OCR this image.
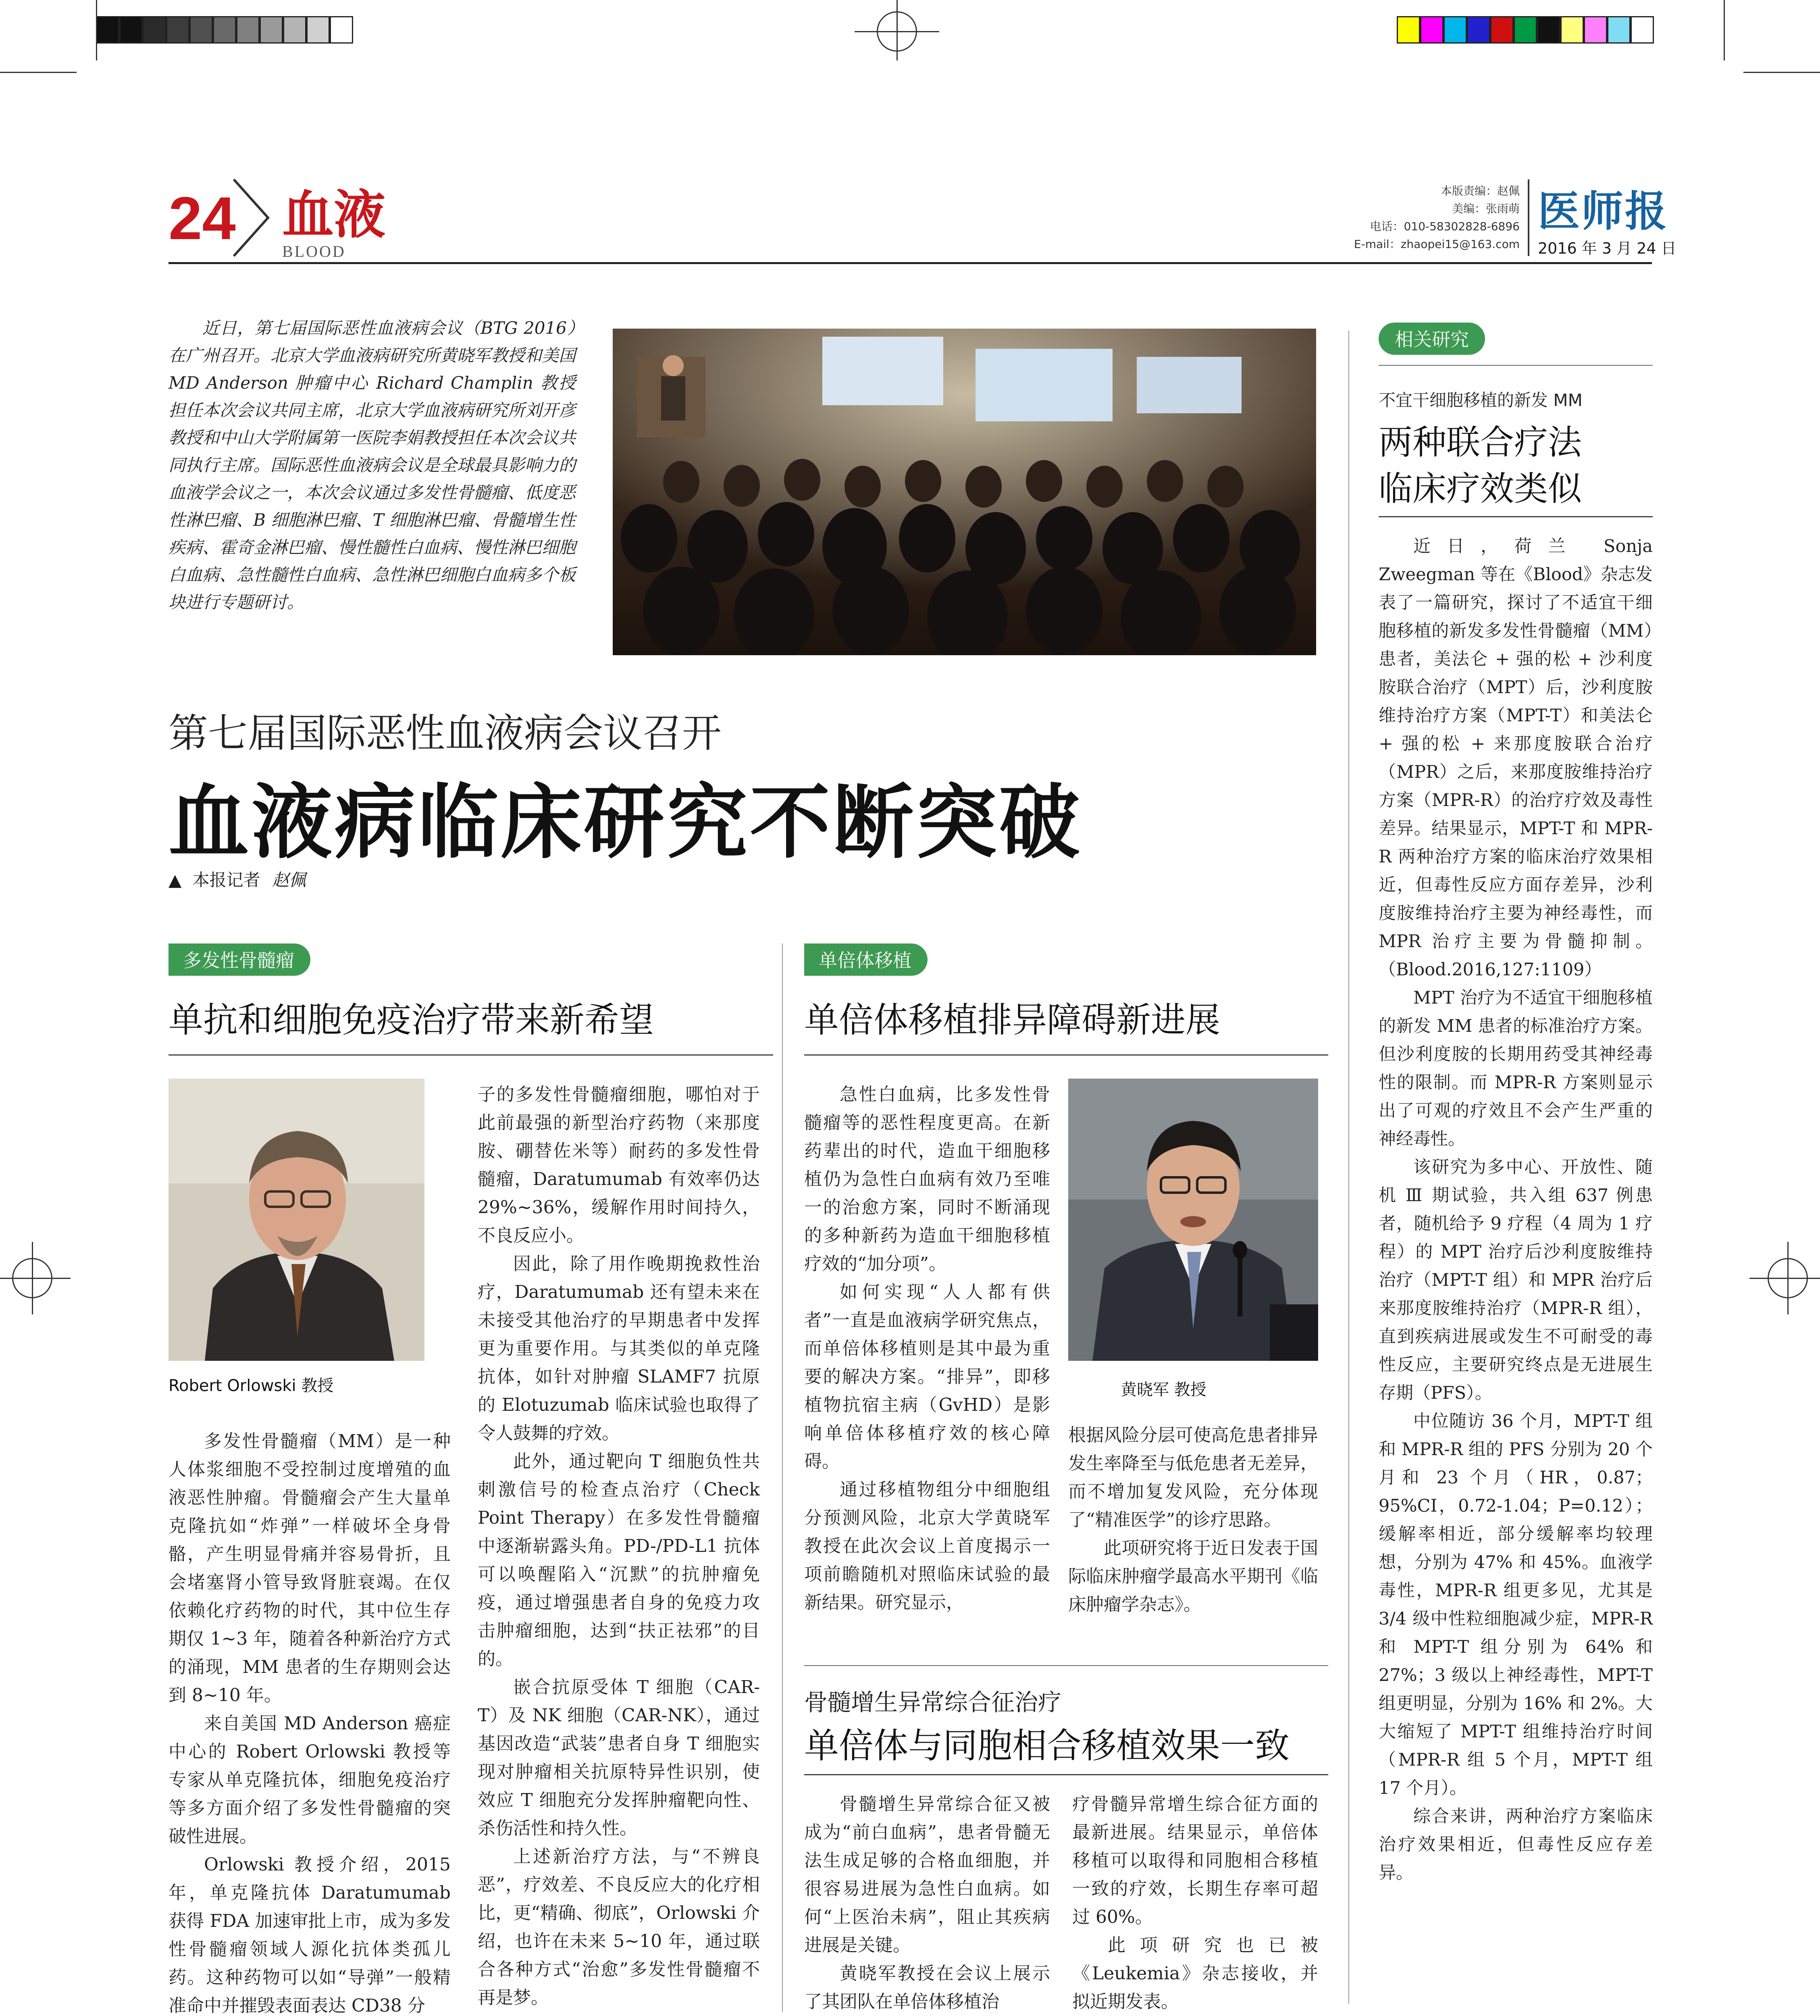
24 血液
BLOOD
本版责编：赵佩
美编：张雨萌
电话：010-58302828-6896
E-mail：zhaopei15@163.com
医师报
2016 年 3 月 24 日
近日，第七届国际恶性血液病会议（BTG 2016）在广州召开。北京大学血液病研究所黄晓军教授和美国 MD Anderson 肿瘤中心 Richard Champlin 教授担任本次会议共同主席，北京大学血液病研究所刘开彦教授和中山大学附属第一医院李娟教授担任本次会议共同执行主席。国际恶性血液病会议是全球最具影响力的血液学会议之一，本次会议通过多发性骨髓瘤、低度恶性淋巴瘤、B 细胞淋巴瘤、T 细胞淋巴瘤、骨髓增生性疾病、霍奇金淋巴瘤、慢性髓性白血病、慢性淋巴细胞白血病、急性髓性白血病、急性淋巴细胞白血病多个板块进行专题研讨。
第七届国际恶性血液病会议召开
血液病临床研究不断突破
▲ 本报记者 赵佩
多发性骨髓瘤
单抗和细胞免疫治疗带来新希望
Robert Orlowski 教授

多发性骨髓瘤（MM）是一种人体浆细胞不受控制过度增殖的血液恶性肿瘤。骨髓瘤会产生大量单克隆抗如“炸弹”一样破坏全身骨骼，产生明显骨痛并容易骨折，且会堵塞肾小管导致肾脏衰竭。在仅依赖化疗药物的时代，其中位生存期仅 1~3 年，随着各种新治疗方式的涌现，MM 患者的生存期则会达到 8~10 年。

来自美国 MD Anderson 癌症中心的 Robert Orlowski 教授等专家从单克隆抗体，细胞免疫治疗等多方面介绍了多发性骨髓瘤的突破性进展。

Orlowski 教授介绍，2015 年，单克隆抗体 Daratumumab 获得 FDA 加速审批上市，成为多发性骨髓瘤领域人源化抗体类孤儿药。这种药物可以如“导弹”一般精准命中并摧毁表面表达 CD38 分

子的多发性骨髓瘤细胞，哪怕对于此前最强的新型治疗药物（来那度胺、硼替佐米等）耐药的多发性骨髓瘤，Daratumumab 有效率仍达 29%~36%，缓解作用时间持久，不良反应小。

因此，除了用作晚期挽救性治疗，Daratumumab 还有望未来在未接受其他治疗的早期患者中发挥更为重要作用。与其类似的单克隆抗体，如针对肿瘤 SLAMF7 抗原的 Elotuzumab 临床试验也取得了令人鼓舞的疗效。

此外，通过靶向 T 细胞负性共刺激信号的检查点治疗（Check Point Therapy）在多发性骨髓瘤中逐渐崭露头角。PD-/PD-L1 抗体可以唤醒陷入“沉默”的抗肿瘤免疫，通过增强患者自身的免疫力攻击肿瘤细胞，达到“扶正祛邪”的目的。

嵌合抗原受体 T 细胞（CAR-T）及 NK 细胞（CAR-NK），通过基因改造“武装”患者自身 T 细胞实现对肿瘤相关抗原特异性识别，使效应 T 细胞充分发挥肿瘤靶向性、杀伤活性和持久性。

上述新治疗方法，与“不辨良恶”，疗效差、不良反应大的化疗相比，更“精确、彻底”，Orlowski 介绍，也许在未来 5~10 年，通过联合各种方式“治愈”多发性骨髓瘤不再是梦。

单倍体移植
单倍体移植排异障碍新进展

急性白血病，比多发性骨髓瘤等的恶性程度更高。在新药辈出的时代，造血干细胞移植仍为急性白血病有效乃至唯一的治愈方案，同时不断涌现的多种新药为造血干细胞移植疗效的“加分项”。

如何实现“人人都有供者”一直是血液病学研究焦点，而单倍体移植则是其中最为重要的解决方案。“排异”，即移植物抗宿主病（GvHD）是影响单倍体移植疗效的核心障碍。

通过移植物组分中细胞组分预测风险，北京大学黄晓军教授在此次会议上首度揭示一项前瞻随机对照临床试验的最新结果。研究显示，

黄晓军 教授

根据风险分层可使高危患者排异发生率降至与低危患者无差异，而不增加复发风险，充分体现了“精准医学”的诊疗思路。

此项研究将于近日发表于国际临床肿瘤学最高水平期刊《临床肿瘤学杂志》。

骨髓增生异常综合征治疗
单倍体与同胞相合移植效果一致

骨髓增生异常综合征又被成为“前白血病”，患者骨髓无法生成足够的合格血细胞，并很容易进展为急性白血病。如何“上医治未病”，阻止其疾病进展是关键。

黄晓军教授在会议上展示了其团队在单倍体移植治

疗骨髓异常增生综合征方面的最新进展。结果显示，单倍体移植可以取得和同胞相合移植一致的疗效，长期生存率可超过 60%。

此项研究也已被《Leukemia》杂志接收，并拟近期发表。

相关研究
不宜干细胞移植的新发 MM
两种联合疗法
临床疗效类似

近日，荷兰 Sonja Zweegman 等在《Blood》杂志发表了一篇研究，探讨了不适宜干细胞移植的新发多发性骨髓瘤（MM）患者，美法仑 + 强的松 + 沙利度胺联合治疗（MPT）后，沙利度胺维持治疗方案（MPT-T）和美法仑 + 强的松 + 来那度胺联合治疗（MPR）之后，来那度胺维持治疗方案（MPR-R）的治疗疗效及毒性差异。结果显示，MPT-T 和 MPR-R 两种治疗方案的临床治疗效果相近，但毒性反应方面存差异，沙利度胺维持治疗主要为神经毒性，而 MPR 治疗主要为骨髓抑制。（Blood.2016,127:1109）

MPT 治疗为不适宜干细胞移植的新发 MM 患者的标准治疗方案。但沙利度胺的长期用药受其神经毒性的限制。而 MPR-R 方案则显示出了可观的疗效且不会产生严重的神经毒性。

该研究为多中心、开放性、随机 Ⅲ 期试验，共入组 637 例患者，随机给予 9 疗程（4 周为 1 疗程）的 MPT 治疗后沙利度胺维持治疗（MPT-T 组）和 MPR 治疗后来那度胺维持治疗（MPR-R 组），直到疾病进展或发生不可耐受的毒性反应，主要研究终点是无进展生存期（PFS）。

中位随访 36 个月，MPT-T 组和 MPR-R 组的 PFS 分别为 20 个月和 23 个月（HR，0.87；95%CI，0.72-1.04；P=0.12）；缓解率相近，部分缓解率均较理想，分别为 47% 和 45%。血液学毒性，MPR-R 组更多见，尤其是 3/4 级中性粒细胞减少症，MPR-R 和 MPT-T 组分别为 64% 和 27%；3 级以上神经毒性，MPT-T 组更明显，分别为 16% 和 2%。大大缩短了 MPT-T 组维持治疗时间（MPR-R 组 5 个月，MPT-T 组 17 个月）。

综合来讲，两种治疗方案临床治疗效果相近，但毒性反应存差异。
